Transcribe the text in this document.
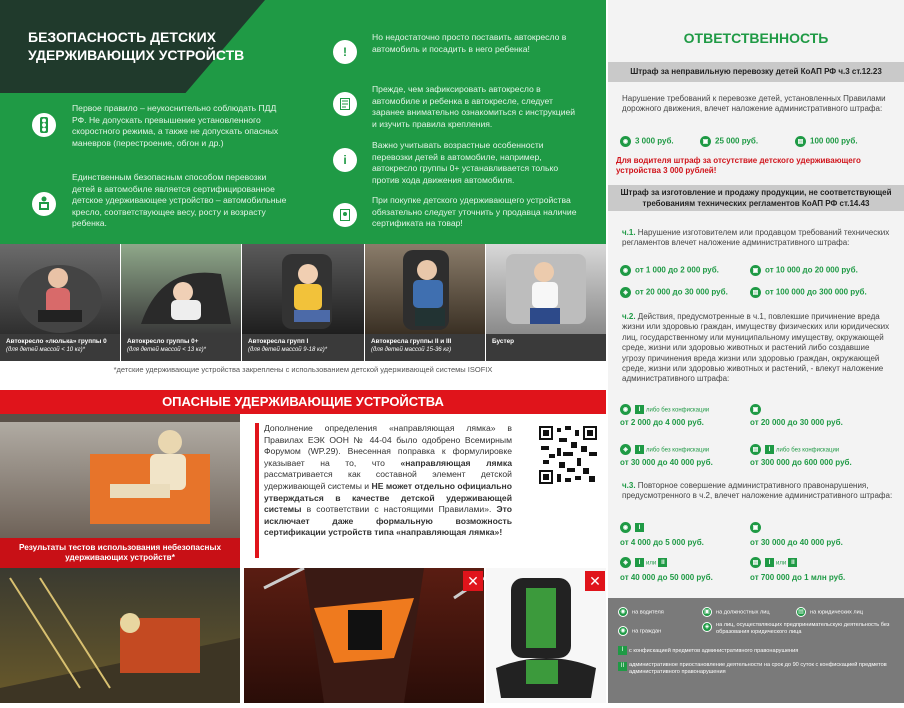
БЕЗОПАСНОСТЬ ДЕТСКИХ УДЕРЖИВАЮЩИХ УСТРОЙСТВ
Первое правило – неукоснительно соблюдать ПДД РФ. Не допускать превышение установленного скоростного режима, а также не допускать опасных маневров (перестроение, обгон и др.)
Единственным безопасным способом перевозки детей в автомобиле является сертифицированное детское удерживающее устройство – автомобильные кресло, соответствующее весу, росту и возрасту ребенка.
!
Но недостаточно просто поставить автокресло в автомобиль и посадить в него ребенка!
Прежде, чем зафиксировать автокресло в автомобиле и ребенка в автокресле, следует заранее внимательно ознакомиться с инструкцией и изучить правила крепления.
i
Важно учитывать возрастные особенности перевозки детей в автомобиле, например, автокресло группы 0+ устанавливается только против хода движения автомобиля.
При покупке детского удерживающего устройства обязательно следует уточнить у продавца наличие сертификата на товар!
Автокресло «люлька» группы 0
(для детей массой < 10 кг)*
Автокресло группы 0+
(для детей массой < 13 кг)*
Автокресла групп I
(для детей массой 9-18 кг)*
Автокресла группы II и III
(для детей массой 15-36 кг)
Бустер

*детские удерживающие устройства закреплены с использованием детской удерживающей системы ISOFIX
ОПАСНЫЕ УДЕРЖИВАЮЩИЕ УСТРОЙСТВА
Результаты тестов использования небезопасных удерживающих устройств*
Дополнение определения «направляющая лямка» в Правилах ЕЭК ООН № 44-04 было одобрено Всемирным Форумом (WP.29). Внесенная поправка к формулировке указывает на то, что «направляющая лямка рассматривается как составной элемент детской удерживающей системы и НЕ может отдельно официально утверждаться в качестве детской удерживающей системы в соответствии с настоящими Правилами». Это исключает даже формальную возможность сертификации устройств типа «направляющая лямка»!
✕	✕
ОТВЕТСТВЕННОСТЬ
Штраф за неправильную перевозку детей КоАП РФ ч.3 ст.12.23
Нарушение требований к перевозке детей, установленных Правилами дорожного движения, влечет наложение административного штрафа:
◉ 3 000 руб.	▣ 25 000 руб.	▤ 100 000 руб.
Для водителя штраф за отсутствие детского удерживающего устройства 3 000 рублей!
Штраф за изготовление и продажу продукции, не соответствующей требованиям технических регламентов КоАП РФ ст.14.43
ч.1. Нарушение изготовителем или продавцом требований технических регламентов влечет наложение административного штрафа:
◉ от 1 000 до 2 000 руб.	▣ от 10 000 до 20 000 руб.
◈ от 20 000 до 30 000 руб.	▤ от 100 000 до 300 000 руб.
ч.2. Действия, предусмотренные в ч.1, повлекшие причинение вреда жизни или здоровью граждан, имуществу физических или юридических лиц, государственному или муниципальному имуществу, окружающей среде, жизни или здоровью животных и растений либо создавшие угрозу причинения вреда жизни или здоровью граждан, окружающей среде, жизни или здоровью животных и растений, - влекут наложение административного штрафа:
◉ I либо без конфискации	▣
от 2 000 до 4 000 руб.	от 20 000 до 30 000 руб.
◈ I либо без конфискации	▤ I либо без конфискации
от 30 000 до 40 000 руб.	от 300 000 до 600 000 руб.
ч.3. Повторное совершение административного правонарушения, предусмотренного в ч.2, влечет наложение административного штрафа:
◉ I	▣
от 4 000 до 5 000 руб.	от 30 000 до 40 000 руб.
◈ I или II	▤ I или II
от 40 000 до 50 000 руб.	от 700 000 до 1 млн руб.
◉ на водителя	▣ на должностных лиц	▤ на юридических лиц
◉ на граждан
◈	на лиц, осуществляющих предпринимательскую деятельность без образования юридического лица
I с конфискацией предметов административного правонарушения
II административное приостановление деятельности на срок до 90 суток с конфискацией предметов административного правонарушения
